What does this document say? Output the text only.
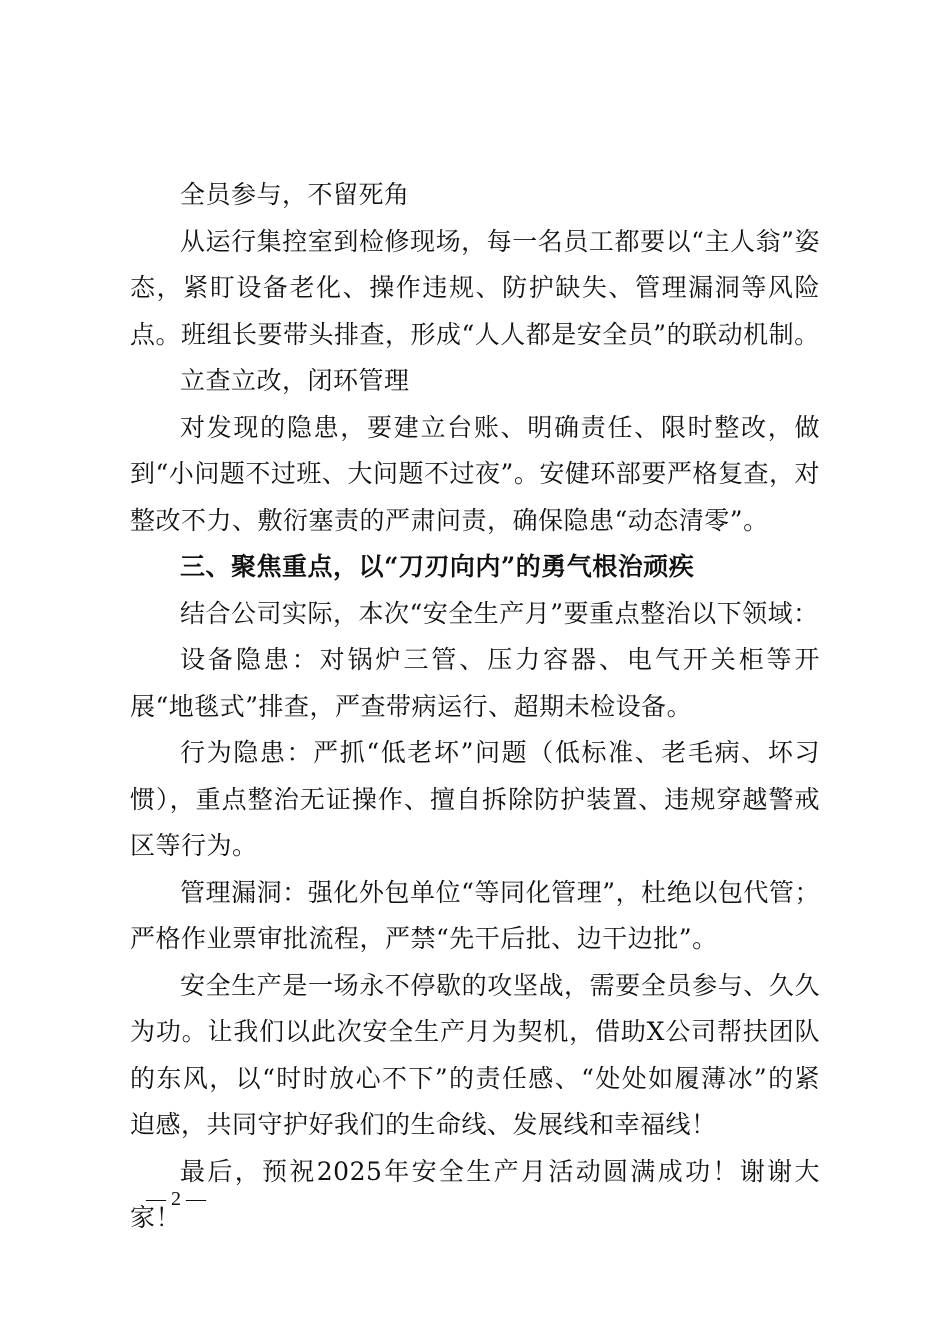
全员参与，不留死角

从运行集控室到检修现场，每一名员工都要以“主人翁”姿态，紧盯设备老化、操作违规、防护缺失、管理漏洞等风险点。班组长要带头排查，形成“人人都是安全员”的联动机制。

立查立改，闭环管理

对发现的隐患，要建立台账、明确责任、限时整改，做到“小问题不过班、大问题不过夜”。安健环部要严格复查，对整改不力、敷衍塞责的严肃问责，确保隐患“动态清零”。

三、聚焦重点，以“刀刃向内”的勇气根治顽疾

结合公司实际，本次“安全生产月”要重点整治以下领域：

设备隐患：对锅炉三管、压力容器、电气开关柜等开展“地毯式”排查，严查带病运行、超期未检设备。

行为隐患：严抓“低老坏”问题（低标准、老毛病、坏习惯），重点整治无证操作、擅自拆除防护装置、违规穿越警戒区等行为。

管理漏洞：强化外包单位“等同化管理”，杜绝以包代管；严格作业票审批流程，严禁“先干后批、边干边批”。

安全生产是一场永不停歇的攻坚战，需要全员参与、久久为功。让我们以此次安全生产月为契机，借助X公司帮扶团队的东风，以“时时放心不下”的责任感、“处处如履薄冰”的紧迫感，共同守护好我们的生命线、发展线和幸福线！

最后，预祝2025年安全生产月活动圆满成功！谢谢大家！

— 2 —
